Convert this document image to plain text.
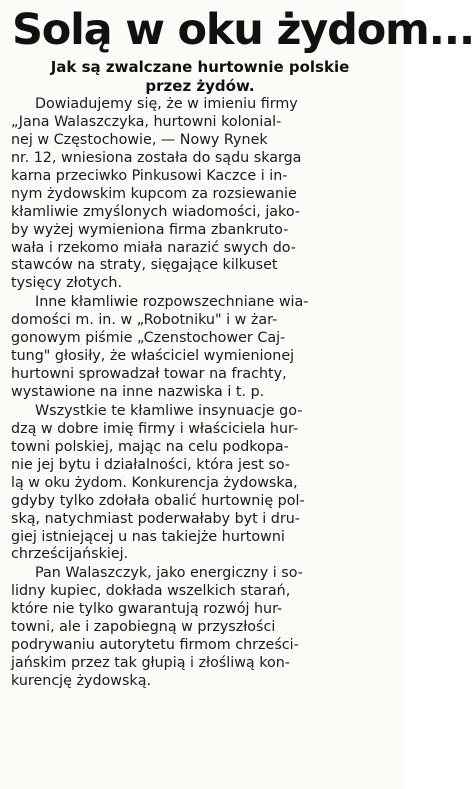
Solą w oku żydom...
Jak są zwalczane hurtownie polskie
przez żydów.

Dowiadujemy się, że w imieniu firmy
„Jana Walaszczyka, hurtowni kolonial-
nej w Częstochowie, — Nowy Rynek
nr. 12, wniesiona została do sądu skarga
karna przeciwko Pinkusowi Kaczce i in-
nym żydowskim kupcom za rozsiewanie
kłamliwie zmyślonych wiadomości, jako-
by wyżej wymieniona firma zbankruto-
wała i rzekomo miała narazić swych do-
stawców na straty, sięgające kilkuset
tysięcy złotych.

Inne kłamliwie rozpowszechniane wia-
domości m. in. w „Robotniku" i w żar-
gonowym piśmie „Czenstochower Caj-
tung" głosiły, że właściciel wymienionej
hurtowni sprowadzał towar na frachty,
wystawione na inne nazwiska i t. p.

Wszystkie te kłamliwe insynuacje go-
dzą w dobre imię firmy i właściciela hur-
towni polskiej, mając na celu podkopa-
nie jej bytu i działalności, która jest so-
lą w oku żydom. Konkurencja żydowska,
gdyby tylko zdołała obalić hurtownię pol-
ską, natychmiast poderwałaby byt i dru-
giej istniejącej u nas takiejże hurtowni
chrześcijańskiej.

Pan Walaszczyk, jako energiczny i so-
lidny kupiec, dokłada wszelkich starań,
które nie tylko gwarantują rozwój hur-
towni, ale i zapobiegną w przyszłości
podrywaniu autorytetu firmom chrześci-
jańskim przez tak głupią i złośliwą kon-
kurencję żydowską.
